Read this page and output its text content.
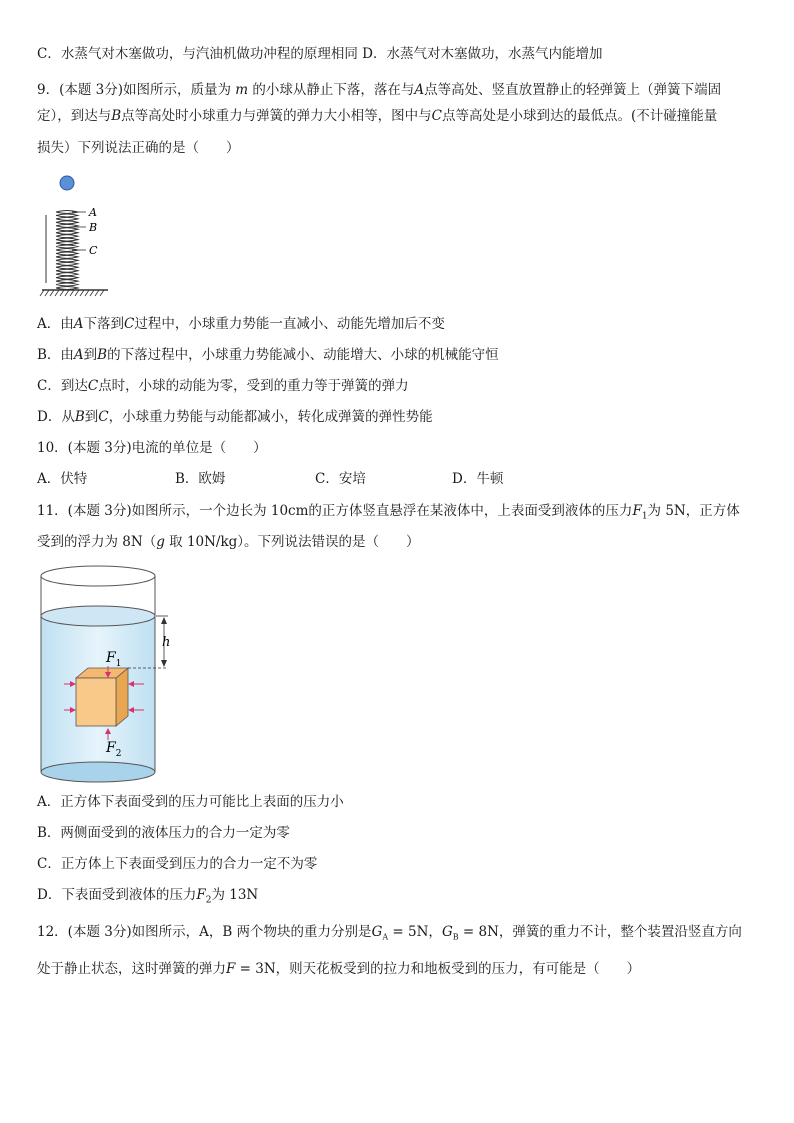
C．水蒸气对木塞做功，与汽油机做功冲程的原理相同 D．水蒸气对木塞做功，水蒸气内能增加
9．(本题 3分)如图所示，质量为 m 的小球从静止下落，落在与A点等高处、竖直放置静止的轻弹簧上（弹簧下端固
定），到达与B点等高处时小球重力与弹簧的弹力大小相等，图中与C点等高处是小球到达的最低点。(不计碰撞能量
损失）下列说法正确的是（　　）
A
B
C
A．由A下落到C过程中，小球重力势能一直减小、动能先增加后不变
B．由A到B的下落过程中，小球重力势能减小、动能增大、小球的机械能守恒
C．到达C点时，小球的动能为零，受到的重力等于弹簧的弹力
D．从B到C，小球重力势能与动能都减小，转化成弹簧的弹性势能
10．(本题 3分)电流的单位是（　　）
A．伏特	B．欧姆	C．安培	D．牛顿
11．(本题 3分)如图所示，一个边长为 10cm的正方体竖直悬浮在某液体中，上表面受到液体的压力$F_1$为 5N，正方体
受到的浮力为 8N（g 取 10N/kg）。下列说法错误的是（　　）
h
$F_1$
$F_2$
A．正方体下表面受到的压力可能比上表面的压力小
B．两侧面受到的液体压力的合力一定为零
C．正方体上下表面受到压力的合力一定不为零
D．下表面受到液体的压力$F_2$为 13N
12．(本题 3分)如图所示，A，B 两个物块的重力分别是$G_A = 5N$，$G_B = 8N$，弹簧的重力不计，整个装置沿竖直方向
处于静止状态，这时弹簧的弹力F = 3N，则天花板受到的拉力和地板受到的压力，有可能是（　　）
